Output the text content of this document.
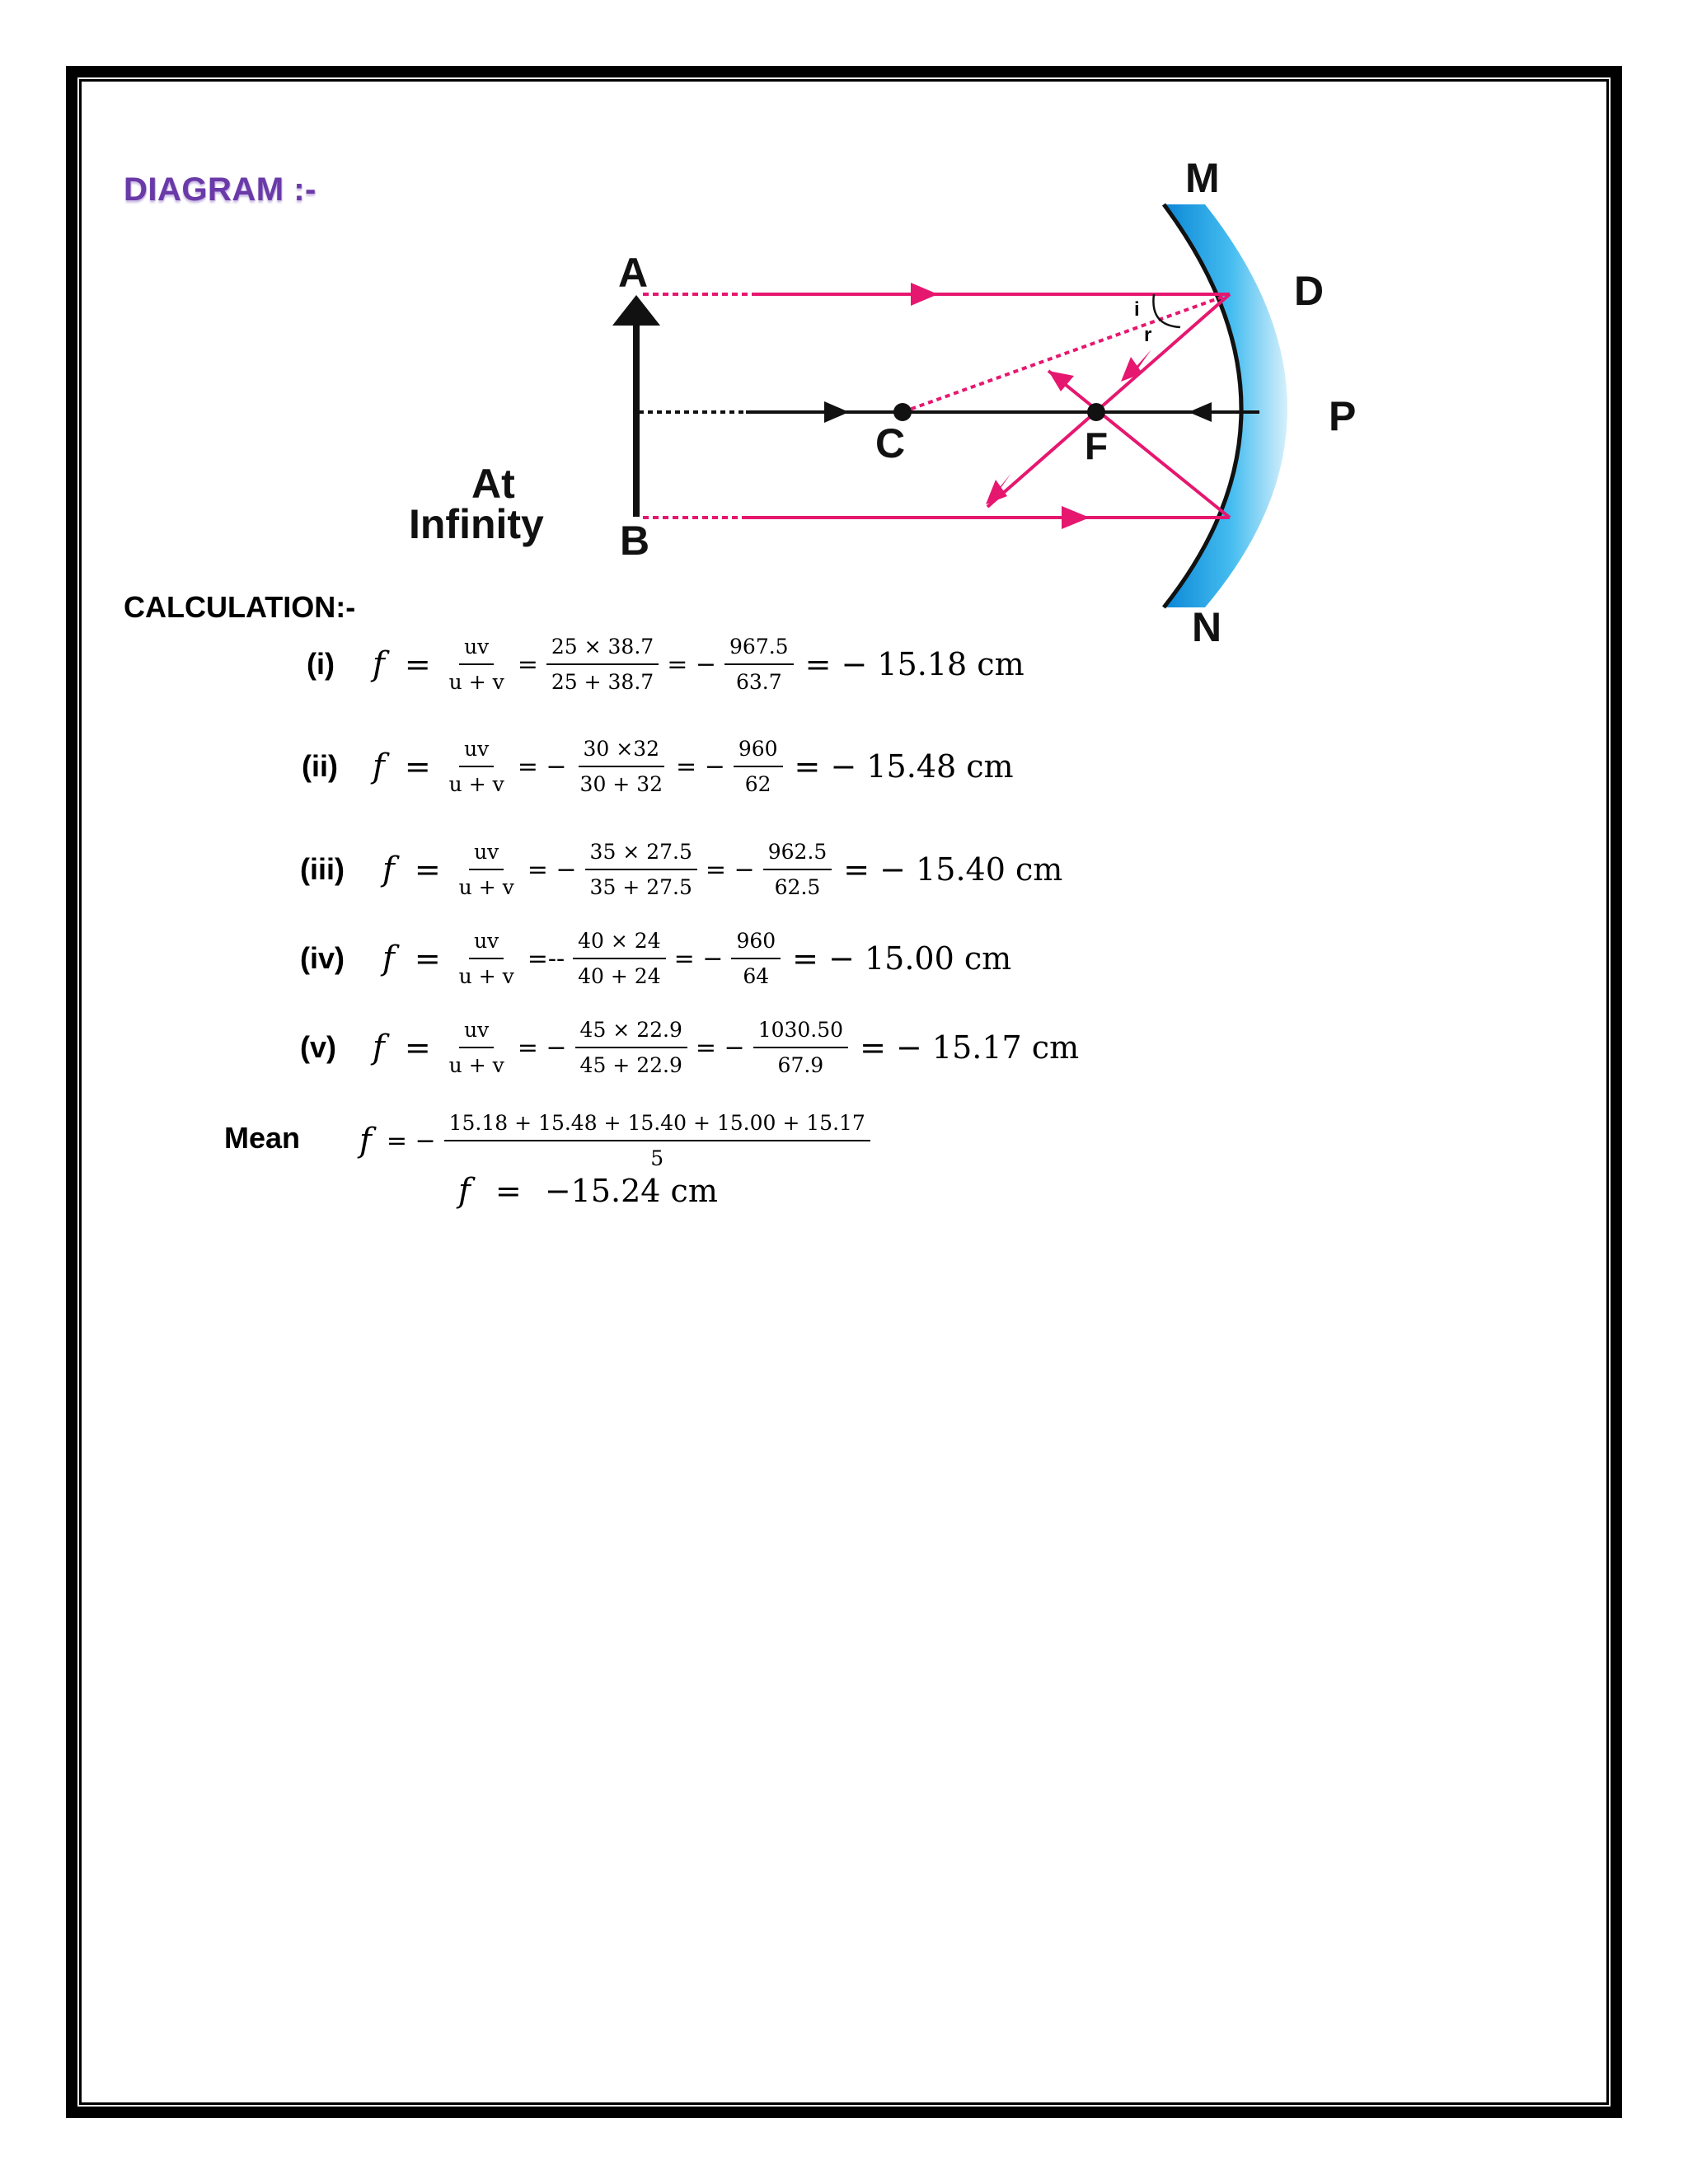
DIAGRAM :-
i
r
M
D
P
N
A
B
C	F
At
Infinity
CALCULATION:-
(i) $f = \frac{uv}{u + v} = \frac{25 \times 38.7}{25 + 38.7}$ = − $\frac{967.5}{63.7}$ = − 15.18 cm
(ii) $f = \frac{uv}{u + v}$ = − $\frac{30 \times 32}{30 + 32}$ = − $\frac{960}{62}$ = − 15.48 cm
(iii) $f = \frac{uv}{u + v}$ = − $\frac{35 \times 27.5}{35 + 27.5}$ = − $\frac{962.5}{62.5}$ = − 15.40 cm
(iv) $f = \frac{uv}{u + v}$ =-- $\frac{40 \times 24}{40 + 24}$ = − $\frac{960}{64}$ = − 15.00 cm
(v) $f = \frac{uv}{u + v}$ = − $\frac{45 \times 22.9}{45 + 22.9}$ = − $\frac{1030.50}{67.9}$ = − 15.17 cm
Mean f = − $\frac{15.18 + 15.48 + 15.40 + 15.00 + 15.17}{5}$
f = −15.24 cm
